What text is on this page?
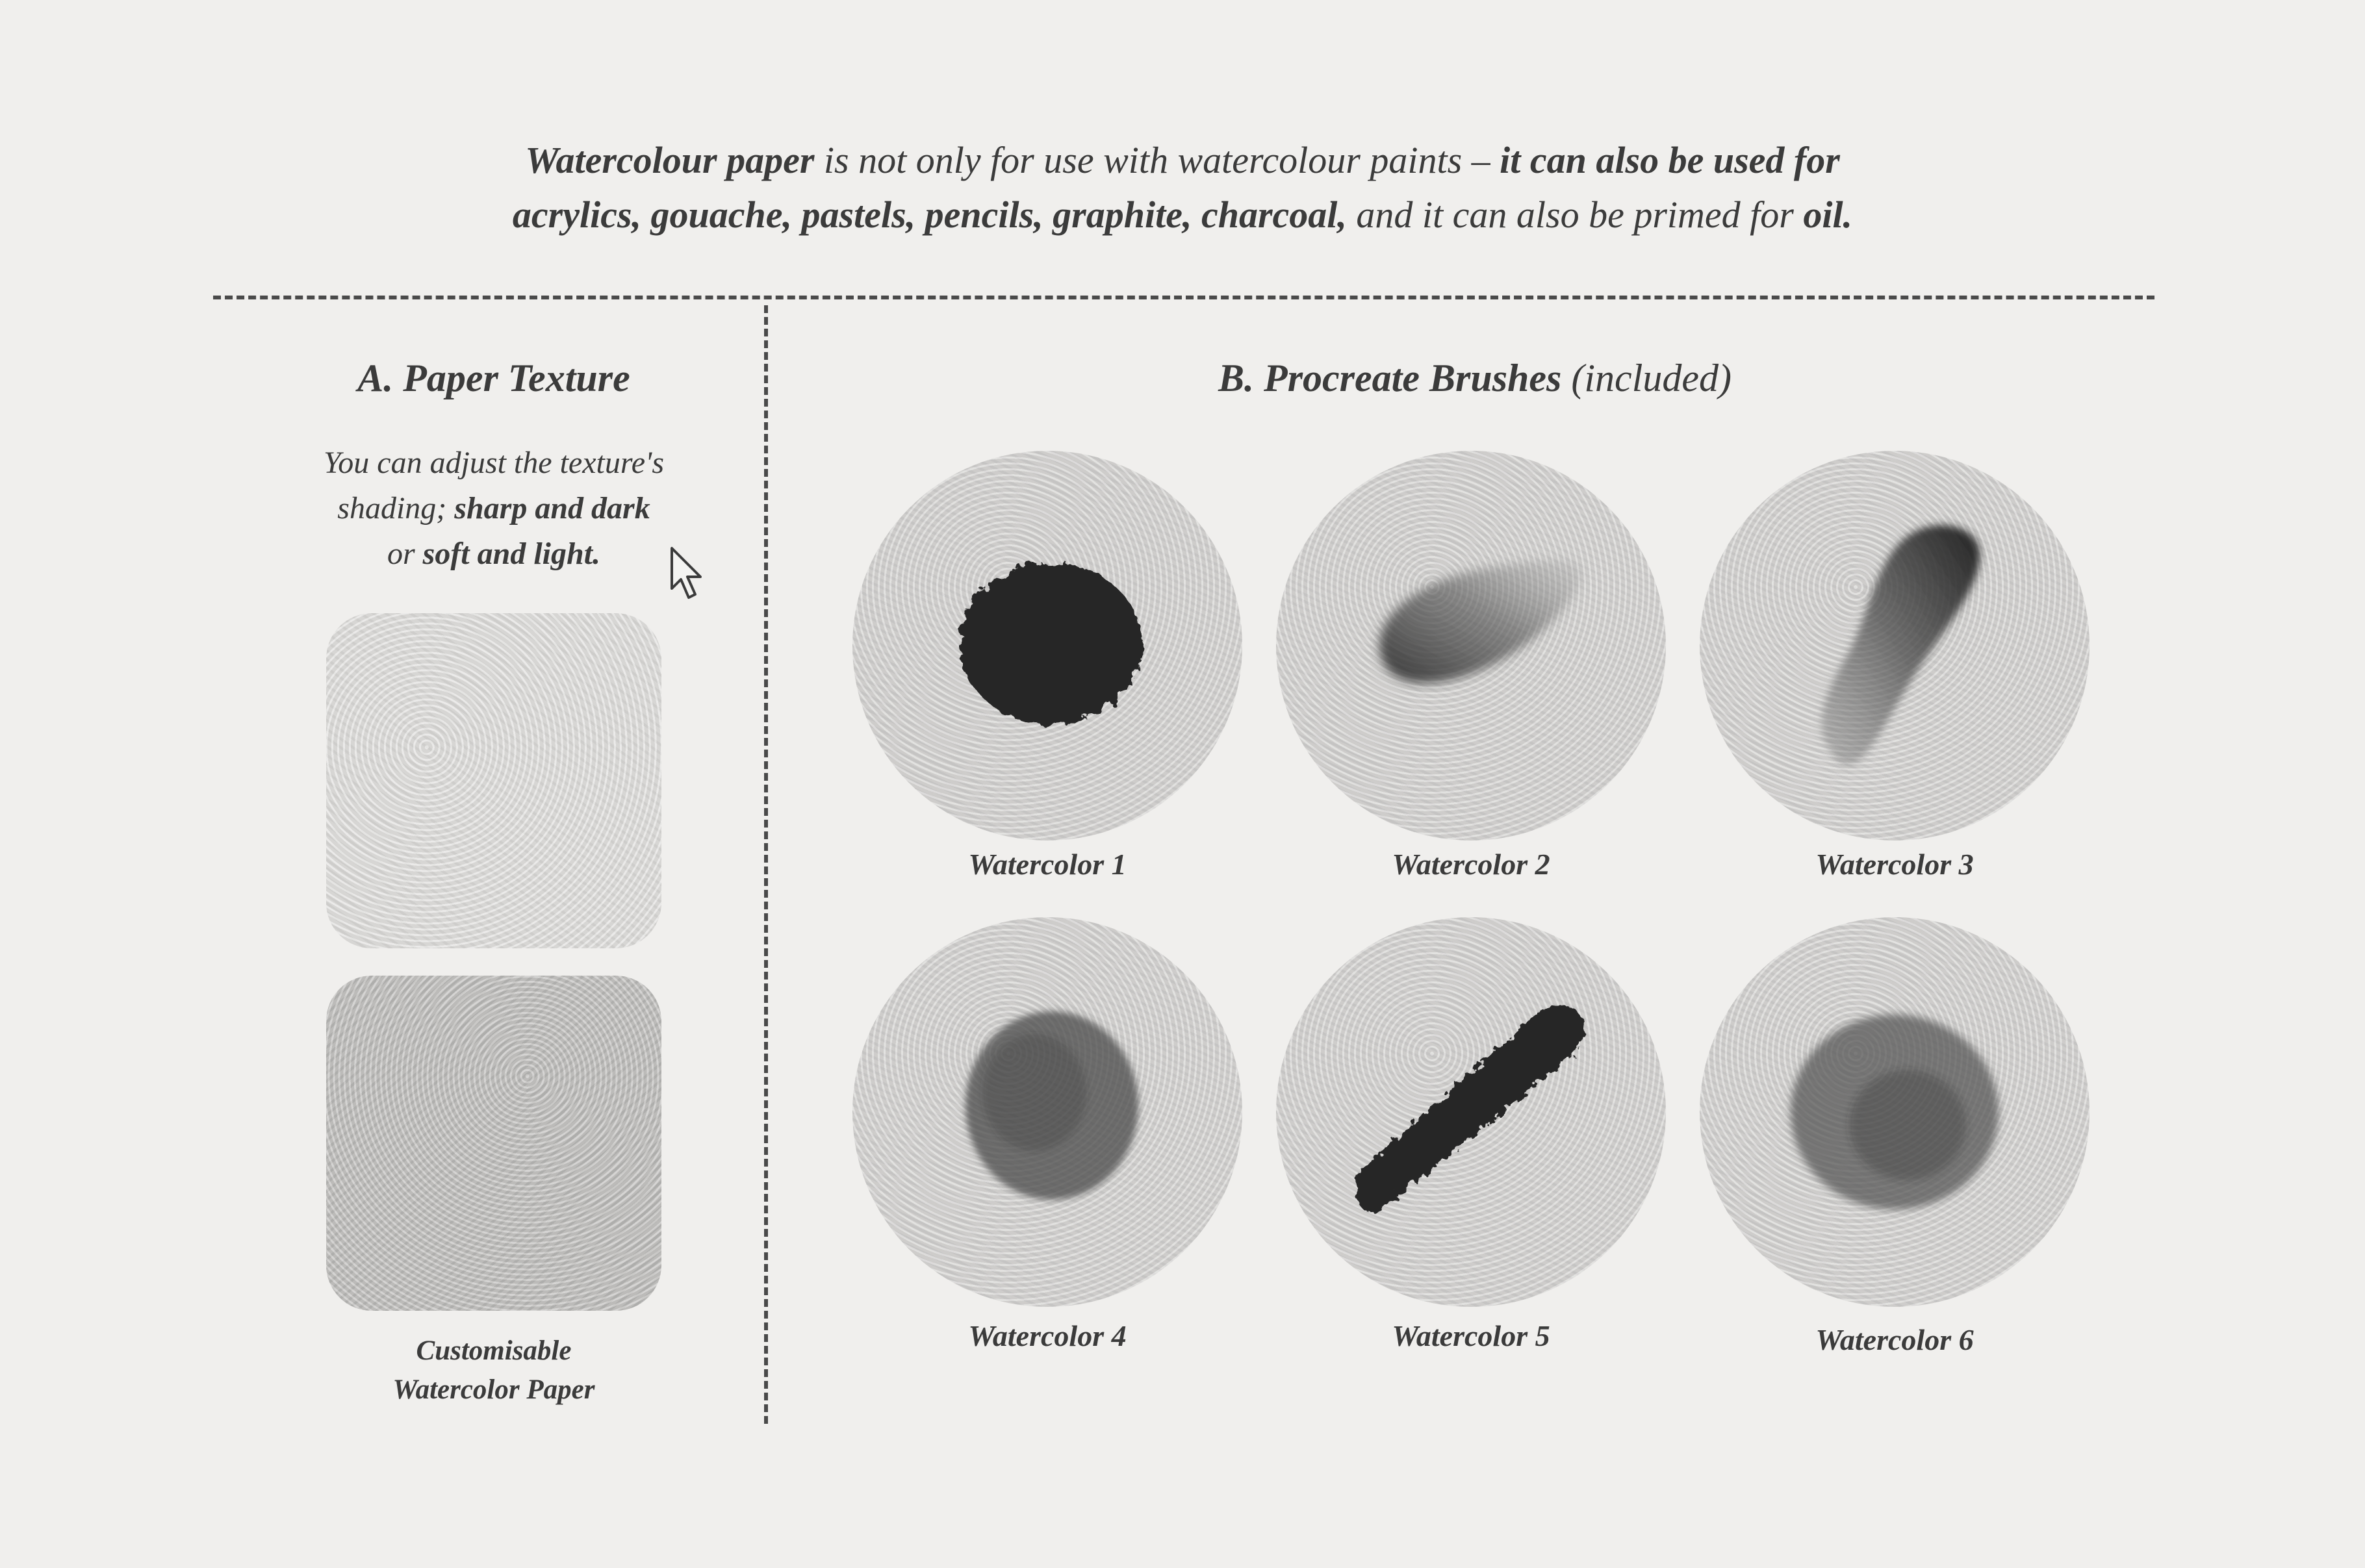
Watercolour paper is not only for use with watercolour paints – it can also be used for
acrylics, gouache, pastels, pencils, graphite, charcoal, and it can also be primed for oil.
A. Paper Texture
You can adjust the texture's
shading; sharp and dark
or soft and light.
Customisable
Watercolor Paper
B. Procreate Brushes (included)
Watercolor 1	Watercolor 2	Watercolor 3
Watercolor 4	Watercolor 5	Watercolor 6
